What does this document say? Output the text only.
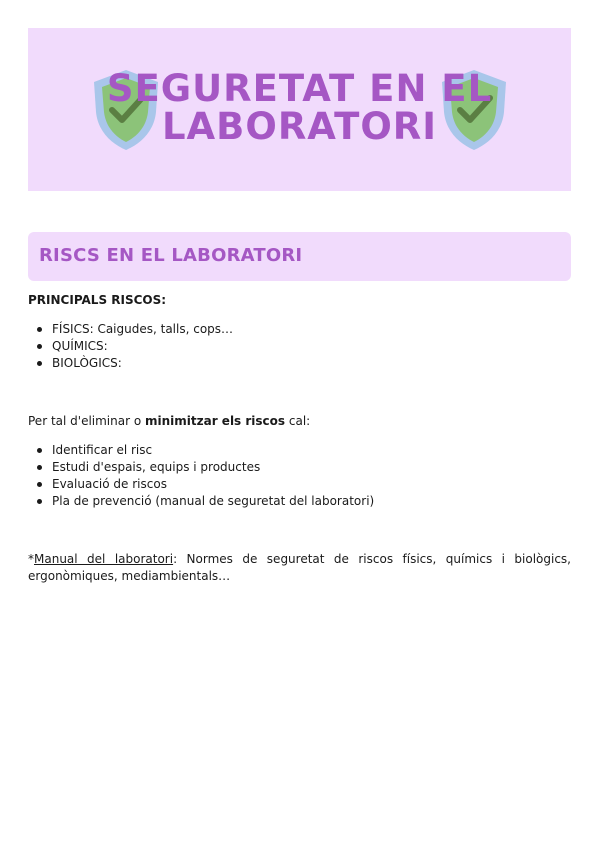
SEGURETAT EN EL
LABORATORI
RISCS EN EL LABORATORI
PRINCIPALS RISCOS:
FÍSICS: Caigudes, talls, cops…
QUÍMICS:
BIOLÒGICS:
Per tal d'eliminar o minimitzar els riscos cal:
Identificar el risc
Estudi d'espais, equips i productes
Evaluació de riscos
Pla de prevenció (manual de seguretat del laboratori)
*Manual del laboratori: Normes de seguretat de riscos físics, químics i biològics, ergonòmiques, mediambientals…
